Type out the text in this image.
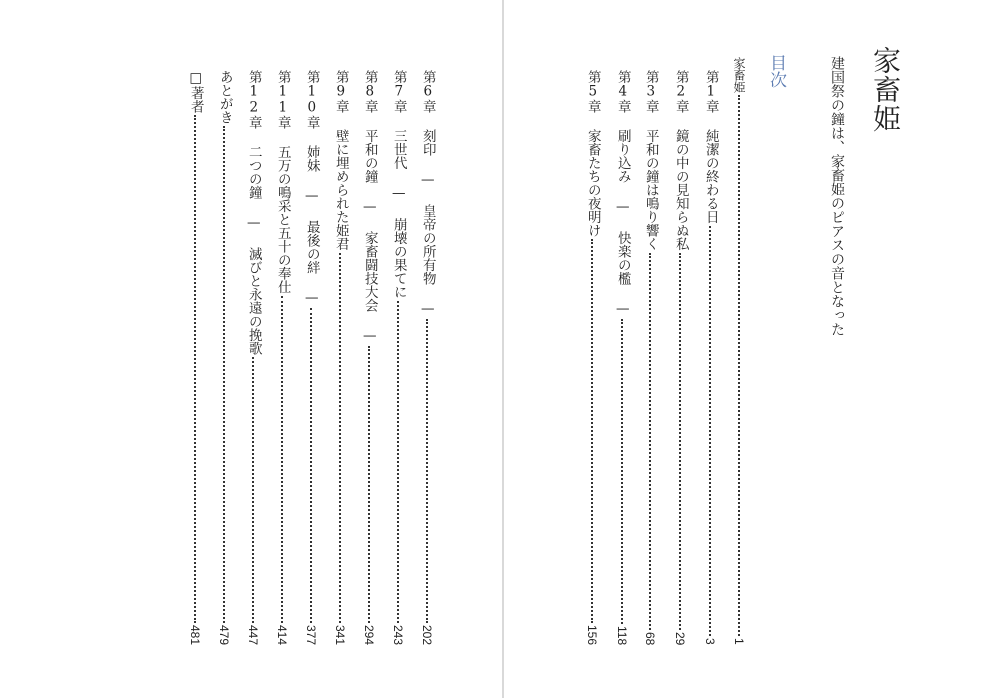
家畜姫
建国祭の鐘は、家畜姫のピアスの音となった
目次
家畜姫
1
第1章 純潔の終わる日
3
第2章 鏡の中の見知らぬ私
29
第3章 平和の鐘は鳴り響く
68
第4章 刷り込み — 快楽の檻 —
118
第5章 家畜たちの夜明け
156
第6章 刻印 — 皇帝の所有物 —
202
第7章 三世代 — 崩壊の果てに
243
第8章 平和の鐘 — 家畜闘技大会 —
294
第9章 壁に埋められた姫君
341
第10章 姉妹 — 最後の絆 —
377
第11章 五万の鳴采と五十の奉仕
414
第12章 二つの鐘 — 滅びと永遠の挽歌
447
あとがき
479
□著者
481
